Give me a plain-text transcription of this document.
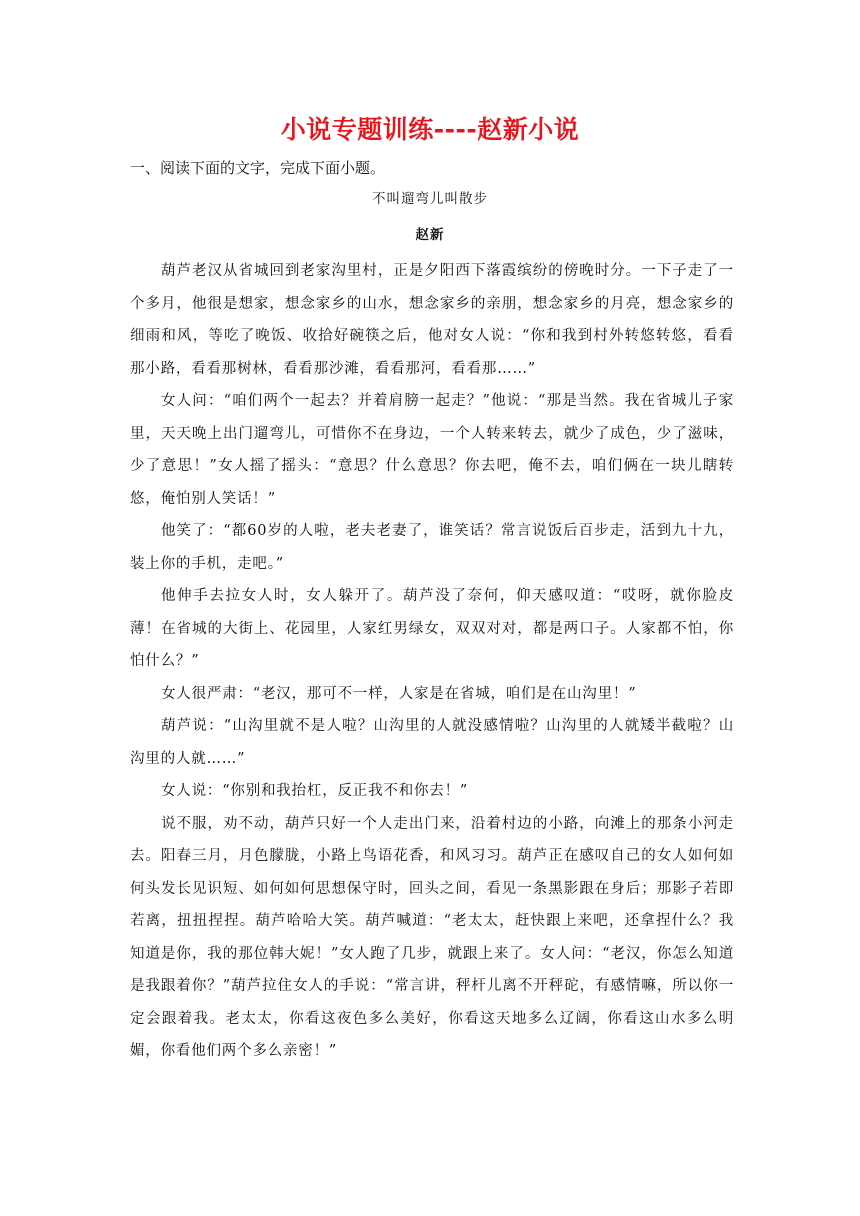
小说专题训练----赵新小说
一、阅读下面的文字，完成下面小题。
不叫遛弯儿叫散步
赵新

葫芦老汉从省城回到老家沟里村，正是夕阳西下落霞缤纷的傍晚时分。一下子走了一个多月，他很是想家，想念家乡的山水，想念家乡的亲朋，想念家乡的月亮，想念家乡的细雨和风，等吃了晚饭、收拾好碗筷之后，他对女人说：“你和我到村外转悠转悠，看看那小路，看看那树林，看看那沙滩，看看那河，看看那……”

女人问：“咱们两个一起去？并着肩膀一起走？”他说：“那是当然。我在省城儿子家里，天天晚上出门遛弯儿，可惜你不在身边，一个人转来转去，就少了成色，少了滋味，少了意思！”女人摇了摇头：“意思？什么意思？你去吧，俺不去，咱们俩在一块儿瞎转悠，俺怕别人笑话！”

他笑了：“都60岁的人啦，老夫老妻了，谁笑话？常言说饭后百步走，活到九十九，装上你的手机，走吧。”

他伸手去拉女人时，女人躲开了。葫芦没了奈何，仰天感叹道：“哎呀，就你脸皮薄！在省城的大街上、花园里，人家红男绿女，双双对对，都是两口子。人家都不怕，你怕什么？”

女人很严肃：“老汉，那可不一样，人家是在省城，咱们是在山沟里！”

葫芦说：“山沟里就不是人啦？山沟里的人就没感情啦？山沟里的人就矮半截啦？山沟里的人就……”

女人说：“你别和我抬杠，反正我不和你去！”

说不服，劝不动，葫芦只好一个人走出门来，沿着村边的小路，向滩上的那条小河走去。阳春三月，月色朦胧，小路上鸟语花香，和风习习。葫芦正在感叹自己的女人如何如何头发长见识短、如何如何思想保守时，回头之间，看见一条黑影跟在身后；那影子若即若离，扭扭捏捏。葫芦哈哈大笑。葫芦喊道：“老太太，赶快跟上来吧，还拿捏什么？我知道是你，我的那位韩大妮！”女人跑了几步，就跟上来了。女人问：“老汉，你怎么知道是我跟着你？”葫芦拉住女人的手说：“常言讲，秤杆儿离不开秤砣，有感情嘛，所以你一定会跟着我。老太太，你看这夜色多么美好，你看这天地多么辽阔，你看这山水多么明媚，你看他们两个多么亲密！”
